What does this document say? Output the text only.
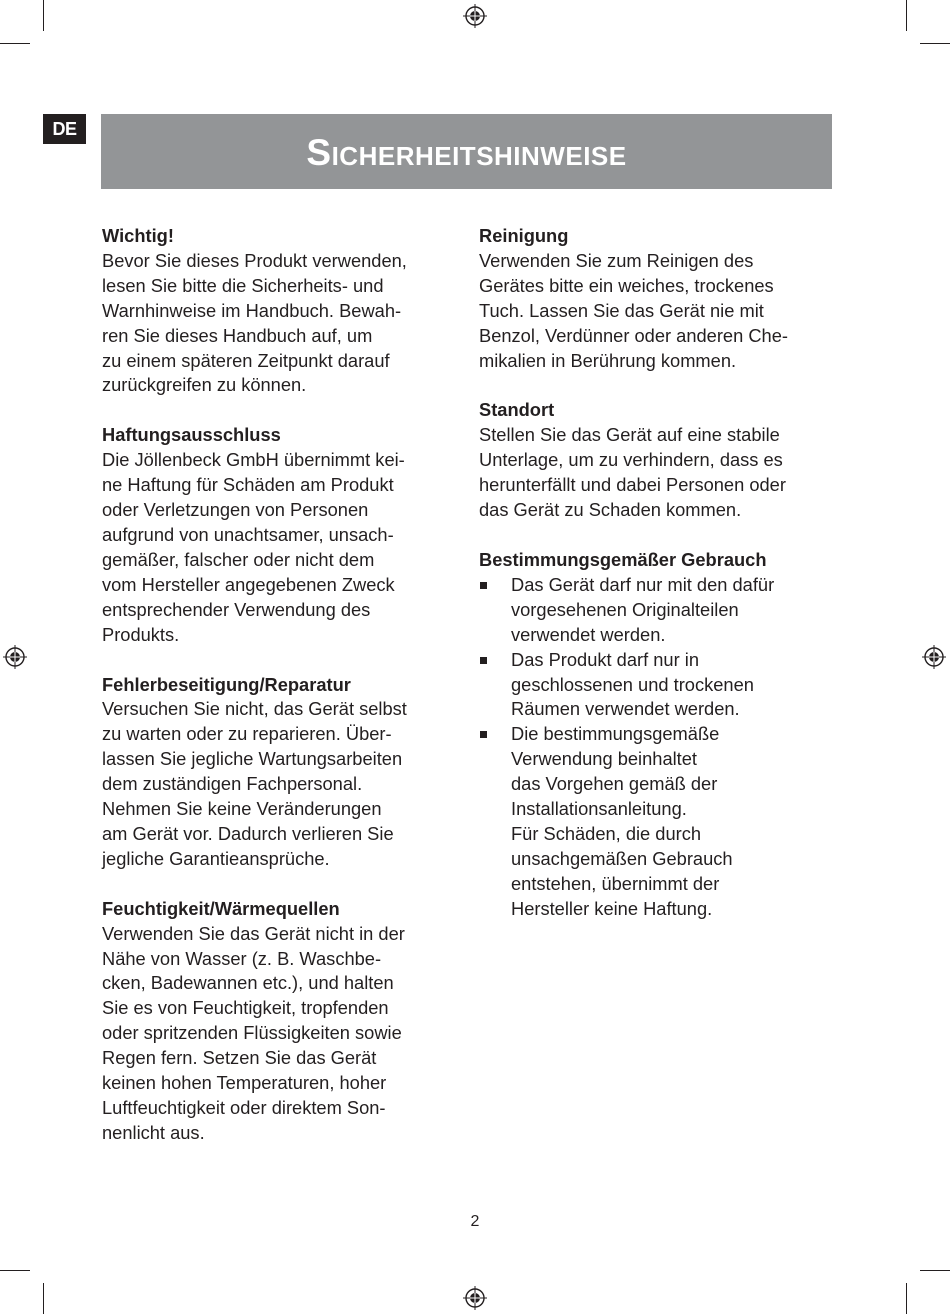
DE
Sicherheitshinweise
Wichtig!
Bevor Sie dieses Produkt verwenden,
lesen Sie bitte die Sicherheits- und
Warnhinweise im Handbuch. Bewah-
ren Sie dieses Handbuch auf, um
zu einem späteren Zeitpunkt darauf
zurückgreifen zu können.
Haftungsausschluss
Die Jöllenbeck GmbH übernimmt kei-
ne Haftung für Schäden am Produkt
oder Verletzungen von Personen
aufgrund von unachtsamer, unsach-
gemäßer, falscher oder nicht dem
vom Hersteller angegebenen Zweck
entsprechender Verwendung des
Produkts.
Fehlerbeseitigung/Reparatur
Versuchen Sie nicht, das Gerät selbst
zu warten oder zu reparieren. Über-
lassen Sie jegliche Wartungsarbeiten
dem zuständigen Fachpersonal.
Nehmen Sie keine Veränderungen
am Gerät vor. Dadurch verlieren Sie
jegliche Garantieansprüche.
Feuchtigkeit/Wärmequellen
Verwenden Sie das Gerät nicht in der
Nähe von Wasser (z. B. Waschbe-
cken, Badewannen etc.), und halten
Sie es von Feuchtigkeit, tropfenden
oder spritzenden Flüssigkeiten sowie
Regen fern. Setzen Sie das Gerät
keinen hohen Temperaturen, hoher
Luftfeuchtigkeit oder direktem Son-
nenlicht aus.
Reinigung
Verwenden Sie zum Reinigen des
Gerätes bitte ein weiches, trockenes
Tuch. Lassen Sie das Gerät nie mit
Benzol, Verdünner oder anderen Che-
mikalien in Berührung kommen.
Standort
Stellen Sie das Gerät auf eine stabile
Unterlage, um zu verhindern, dass es
herunterfällt und dabei Personen oder
das Gerät zu Schaden kommen.
Bestimmungsgemäßer Gebrauch
Das Gerät darf nur mit den dafür
vorgesehenen Originalteilen
verwendet werden.
Das Produkt darf nur in
geschlossenen und trockenen
Räumen verwendet werden.
Die bestimmungsgemäße
Verwendung beinhaltet
das Vorgehen gemäß der
Installationsanleitung.
Für Schäden, die durch
unsachgemäßen Gebrauch
entstehen, übernimmt der
Hersteller keine Haftung.
2
